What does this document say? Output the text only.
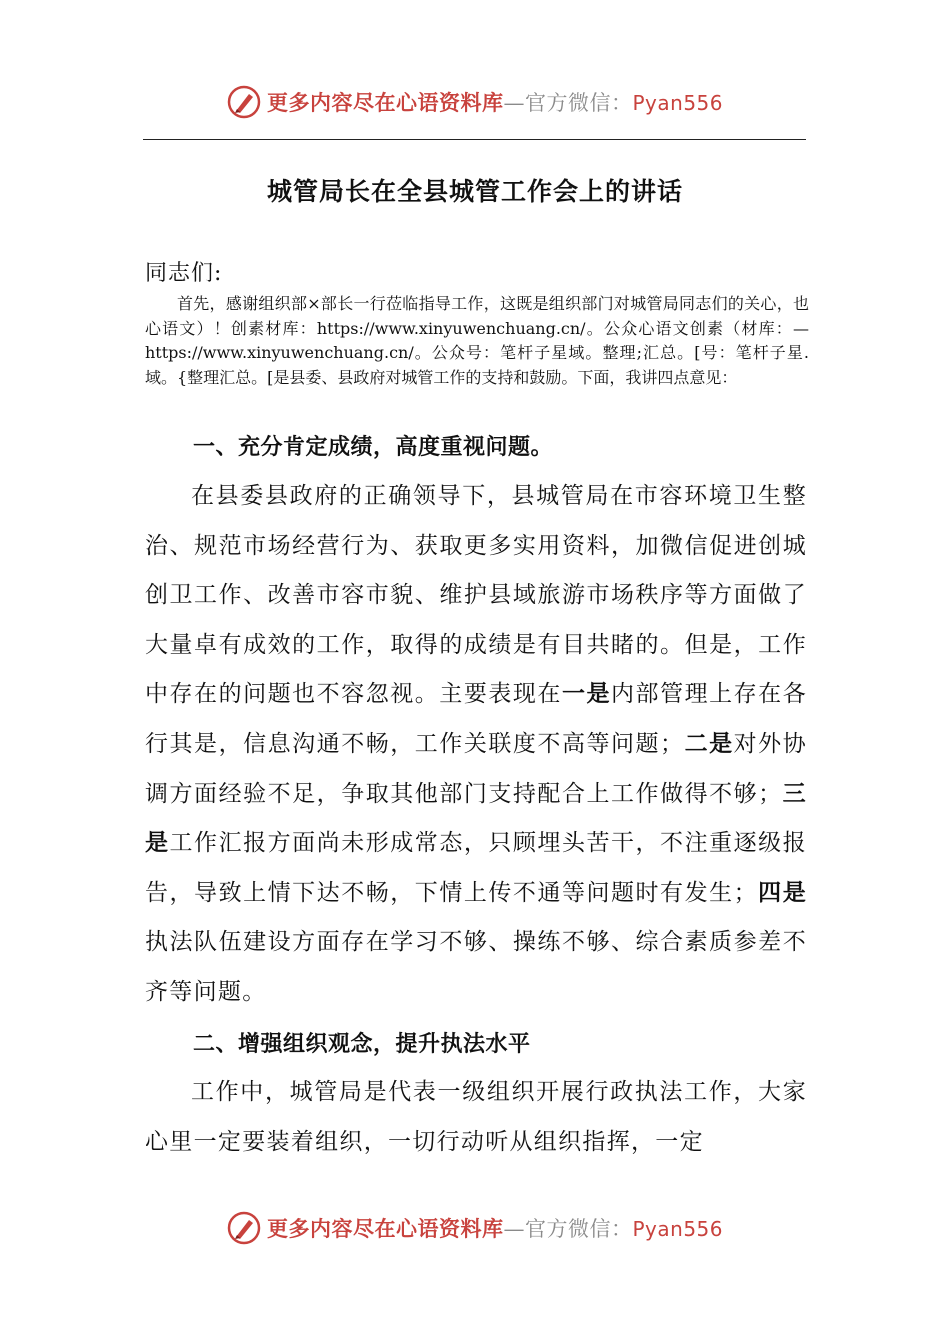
更多内容尽在心语资料库—官方微信：Pyan556
城管局长在全县城管工作会上的讲话
同志们:

首先，感谢组织部×部长一行莅临指导工作，这既是组织部门对城管局同志们的关心，也心语文）！创素材库：https://www.xinyuwenchuang.cn/。公众心语文创素（材库：—https://www.xinyuwenchuang.cn/。公众号：笔杆子星域。整理;汇总。[号：笔杆子星.域。{整理汇总。[是县委、县政府对城管工作的支持和鼓励。下面，我讲四点意见：

一、充分肯定成绩，高度重视问题。

在县委县政府的正确领导下，县城管局在市容环境卫生整治、规范市场经营行为、获取更多实用资料，加微信促进创城创卫工作、改善市容市貌、维护县域旅游市场秩序等方面做了大量卓有成效的工作，取得的成绩是有目共睹的。但是，工作中存在的问题也不容忽视。主要表现在一是内部管理上存在各行其是，信息沟通不畅，工作关联度不高等问题；二是对外协调方面经验不足，争取其他部门支持配合上工作做得不够；三是工作汇报方面尚未形成常态，只顾埋头苦干，不注重逐级报告，导致上情下达不畅，下情上传不通等问题时有发生；四是执法队伍建设方面存在学习不够、操练不够、综合素质参差不齐等问题。

二、增强组织观念，提升执法水平

工作中，城管局是代表一级组织开展行政执法工作，大家心里一定要装着组织，一切行动听从组织指挥，一定

更多内容尽在心语资料库—官方微信：Pyan556
